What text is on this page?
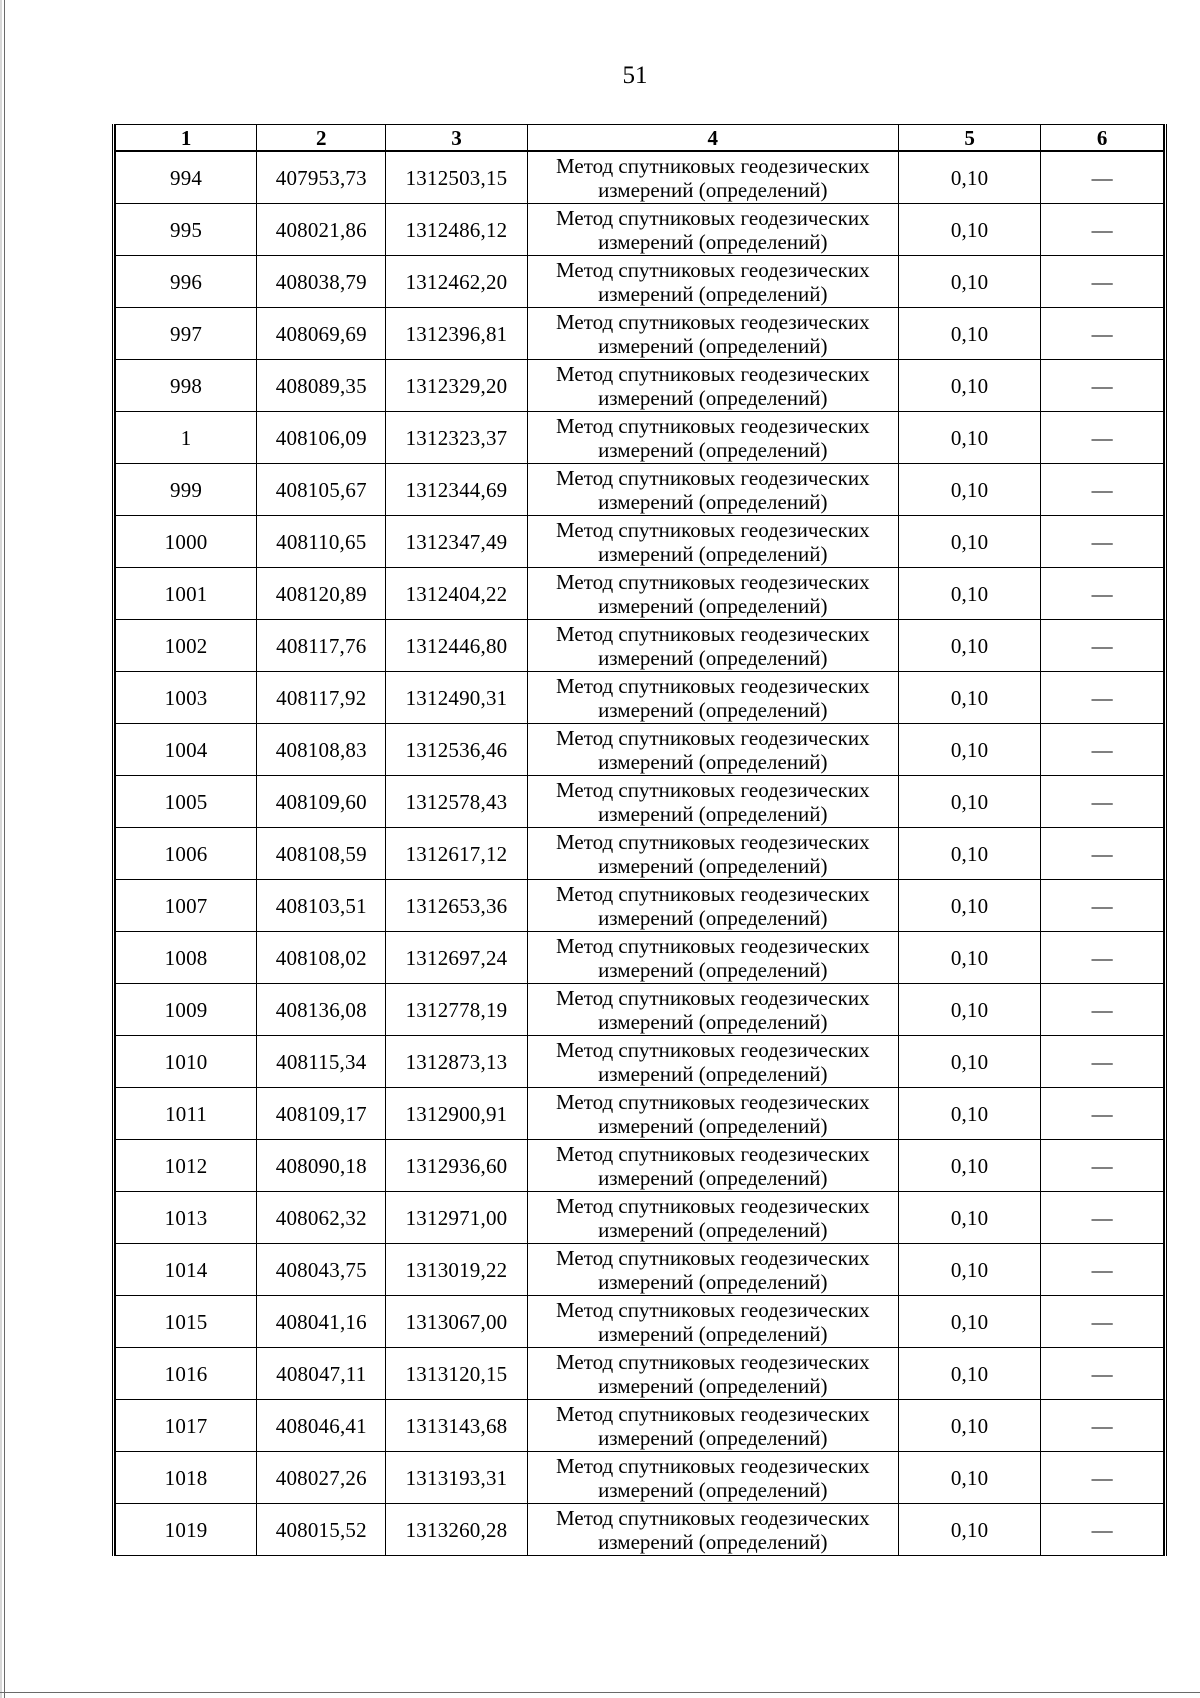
51
1	2	3	4	5	6
994	407953,73	1312503,15	Метод спутниковых геодезических
измерений (определений)	0,10	—
995	408021,86	1312486,12	Метод спутниковых геодезических
измерений (определений)	0,10	—
996	408038,79	1312462,20	Метод спутниковых геодезических
измерений (определений)	0,10	—
997	408069,69	1312396,81	Метод спутниковых геодезических
измерений (определений)	0,10	—
998	408089,35	1312329,20	Метод спутниковых геодезических
измерений (определений)	0,10	—
1	408106,09	1312323,37	Метод спутниковых геодезических
измерений (определений)	0,10	—
999	408105,67	1312344,69	Метод спутниковых геодезических
измерений (определений)	0,10	—
1000	408110,65	1312347,49	Метод спутниковых геодезических
измерений (определений)	0,10	—
1001	408120,89	1312404,22	Метод спутниковых геодезических
измерений (определений)	0,10	—
1002	408117,76	1312446,80	Метод спутниковых геодезических
измерений (определений)	0,10	—
1003	408117,92	1312490,31	Метод спутниковых геодезических
измерений (определений)	0,10	—
1004	408108,83	1312536,46	Метод спутниковых геодезических
измерений (определений)	0,10	—
1005	408109,60	1312578,43	Метод спутниковых геодезических
измерений (определений)	0,10	—
1006	408108,59	1312617,12	Метод спутниковых геодезических
измерений (определений)	0,10	—
1007	408103,51	1312653,36	Метод спутниковых геодезических
измерений (определений)	0,10	—
1008	408108,02	1312697,24	Метод спутниковых геодезических
измерений (определений)	0,10	—
1009	408136,08	1312778,19	Метод спутниковых геодезических
измерений (определений)	0,10	—
1010	408115,34	1312873,13	Метод спутниковых геодезических
измерений (определений)	0,10	—
1011	408109,17	1312900,91	Метод спутниковых геодезических
измерений (определений)	0,10	—
1012	408090,18	1312936,60	Метод спутниковых геодезических
измерений (определений)	0,10	—
1013	408062,32	1312971,00	Метод спутниковых геодезических
измерений (определений)	0,10	—
1014	408043,75	1313019,22	Метод спутниковых геодезических
измерений (определений)	0,10	—
1015	408041,16	1313067,00	Метод спутниковых геодезических
измерений (определений)	0,10	—
1016	408047,11	1313120,15	Метод спутниковых геодезических
измерений (определений)	0,10	—
1017	408046,41	1313143,68	Метод спутниковых геодезических
измерений (определений)	0,10	—
1018	408027,26	1313193,31	Метод спутниковых геодезических
измерений (определений)	0,10	—
1019	408015,52	1313260,28	Метод спутниковых геодезических
измерений (определений)	0,10	—
